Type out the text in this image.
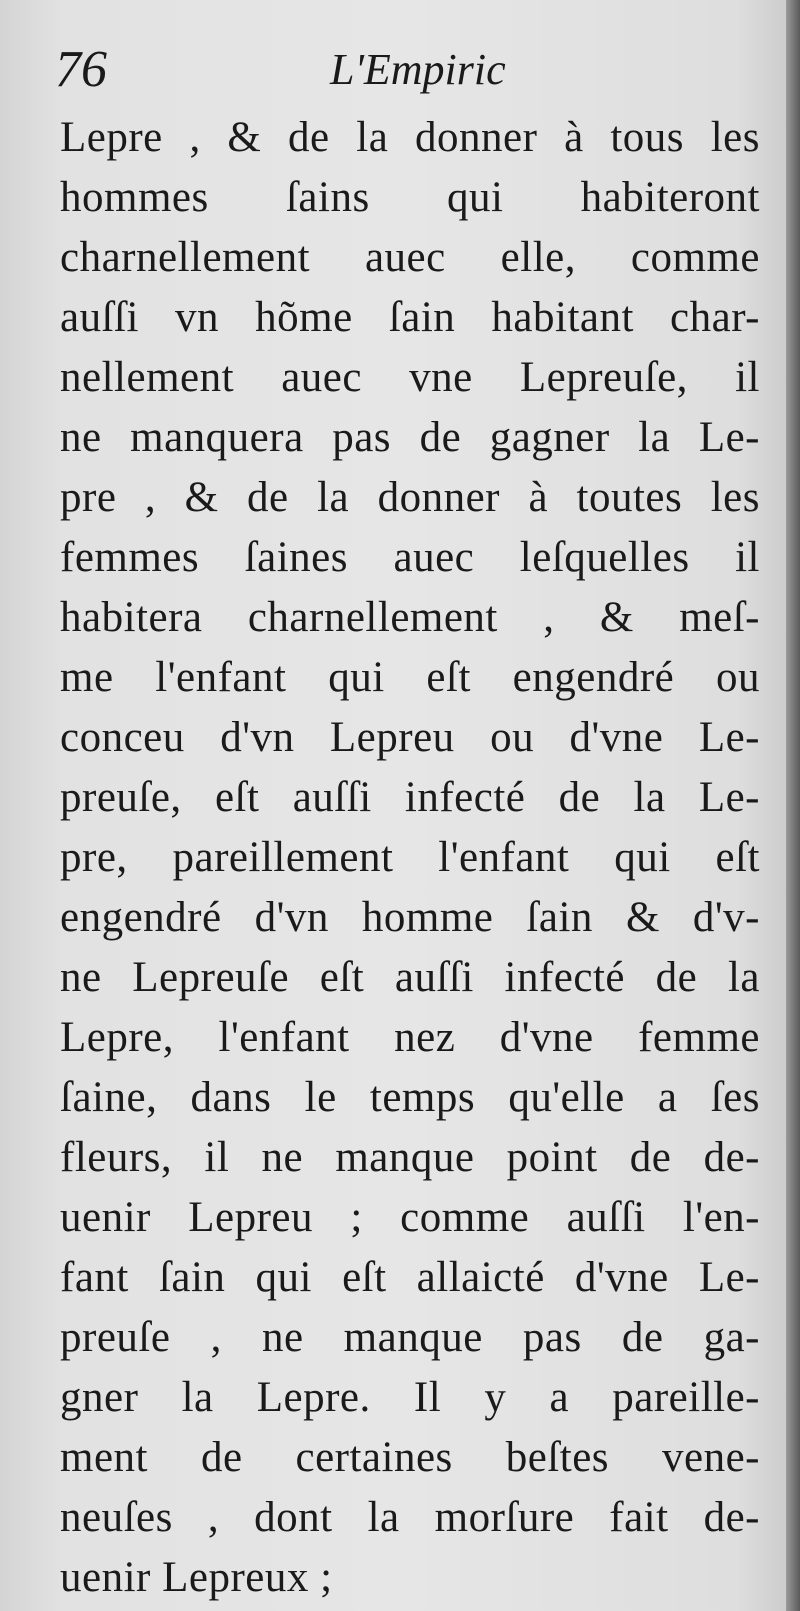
76	L'Empiric
Lepre , & de la donner à tous les
hommes ſains qui habiteront
charnellement auec elle, comme
auſſi vn hõme ſain habitant char-
nellement auec vne Lepreuſe, il
ne manquera pas de gagner la Le-
pre , & de la donner à toutes les
femmes ſaines auec leſquelles il
habitera charnellement , & meſ-
me l'enfant qui eſt engendré ou
conceu d'vn Lepreu ou d'vne Le-
preuſe, eſt auſſi infecté de la Le-
pre, pareillement l'enfant qui eſt
engendré d'vn homme ſain & d'v-
ne Lepreuſe eſt auſſi infecté de la
Lepre, l'enfant nez d'vne femme
ſaine, dans le temps qu'elle a ſes
fleurs, il ne manque point de de-
uenir Lepreu ; comme auſſi l'en-
fant ſain qui eſt allaicté d'vne Le-
preuſe , ne manque pas de ga-
gner la Lepre. Il y a pareille-
ment de certaines beſtes vene-
neuſes , dont la morſure fait de-
uenir Lepreux ;
